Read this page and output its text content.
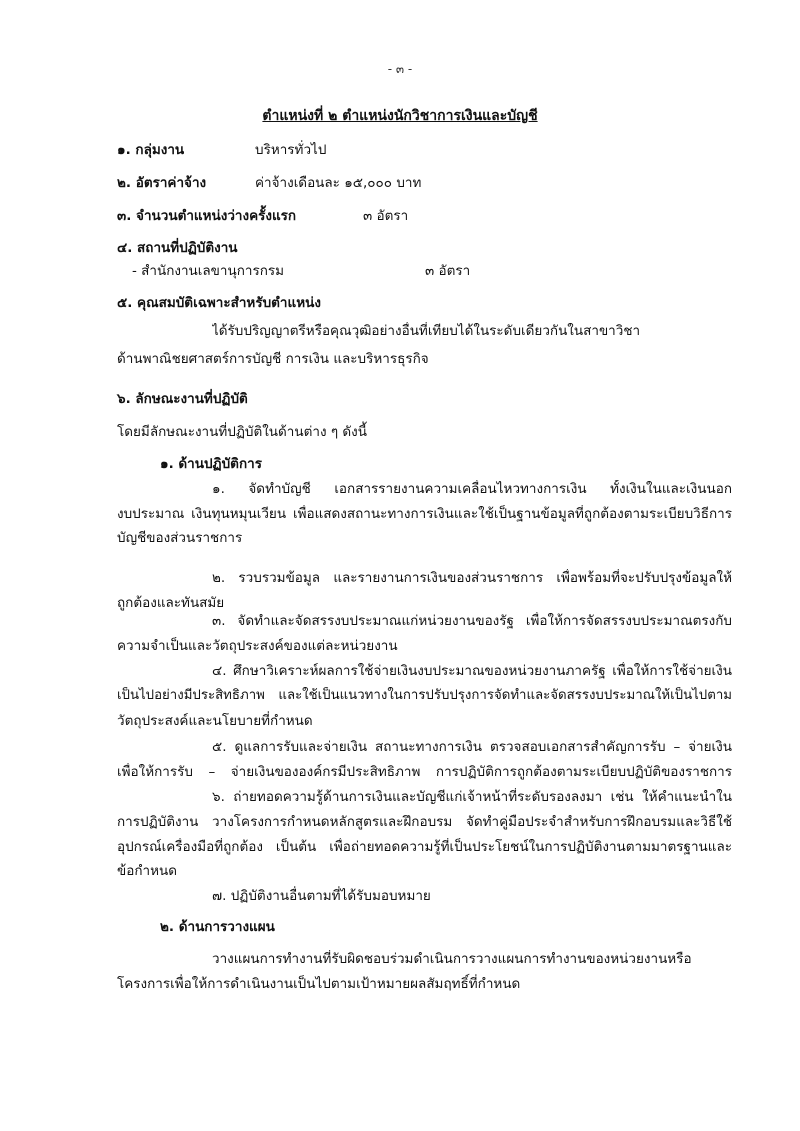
- ๓ -
ตำแหน่งที่ ๒ ตำแหน่งนักวิชาการเงินและบัญชี
๑. กลุ่มงาน	บริหารทั่วไป
๒. อัตราค่าจ้าง	ค่าจ้างเดือนละ ๑๕,๐๐๐ บาท
๓. จำนวนตำแหน่งว่างครั้งแรก	๓ อัตรา
๔. สถานที่ปฏิบัติงาน
- สำนักงานเลขานุการกรม	๓ อัตรา
๕. คุณสมบัติเฉพาะสำหรับตำแหน่ง
ได้รับปริญญาตรีหรือคุณวุฒิอย่างอื่นที่เทียบได้ในระดับเดียวกันในสาขาวิชา
ด้านพาณิชยศาสตร์การบัญชี การเงิน และบริหารธุรกิจ
๖. ลักษณะงานที่ปฏิบัติ
โดยมีลักษณะงานที่ปฏิบัติในด้านต่าง ๆ ดังนี้
๑. ด้านปฏิบัติการ
๑. จัดทำบัญชี เอกสารรายงานความเคลื่อนไหวทางการเงิน ทั้งเงินในและเงินนอก
งบประมาณ เงินทุนหมุนเวียน เพื่อแสดงสถานะทางการเงินและใช้เป็นฐานข้อมูลที่ถูกต้องตามระเบียบวิธีการ
บัญชีของส่วนราชการ
๒. รวบรวมข้อมูล และรายงานการเงินของส่วนราชการ เพื่อพร้อมที่จะปรับปรุงข้อมูลให้
ถูกต้องและทันสมัย
๓. จัดทำและจัดสรรงบประมาณแก่หน่วยงานของรัฐ เพื่อให้การจัดสรรงบประมาณตรงกับ
ความจำเป็นและวัตถุประสงค์ของแต่ละหน่วยงาน
๔. ศึกษาวิเคราะห์ผลการใช้จ่ายเงินงบประมาณของหน่วยงานภาครัฐ เพื่อให้การใช้จ่ายเงิน
เป็นไปอย่างมีประสิทธิภาพ และใช้เป็นแนวทางในการปรับปรุงการจัดทำและจัดสรรงบประมาณให้เป็นไปตาม
วัตถุประสงค์และนโยบายที่กำหนด
๕. ดูแลการรับและจ่ายเงิน สถานะทางการเงิน ตรวจสอบเอกสารสำคัญการรับ – จ่ายเงิน
เพื่อให้การรับ – จ่ายเงินขององค์กรมีประสิทธิภาพ การปฏิบัติการถูกต้องตามระเบียบปฏิบัติของราชการ
๖. ถ่ายทอดความรู้ด้านการเงินและบัญชีแก่เจ้าหน้าที่ระดับรองลงมา เช่น ให้คำแนะนำใน
การปฏิบัติงาน วางโครงการกำหนดหลักสูตรและฝึกอบรม จัดทำคู่มือประจำสำหรับการฝึกอบรมและวิธีใช้
อุปกรณ์เครื่องมือที่ถูกต้อง เป็นต้น เพื่อถ่ายทอดความรู้ที่เป็นประโยชน์ในการปฏิบัติงานตามมาตรฐานและ
ข้อกำหนด
๗. ปฏิบัติงานอื่นตามที่ได้รับมอบหมาย
๒. ด้านการวางแผน
วางแผนการทำงานที่รับผิดชอบร่วมดำเนินการวางแผนการทำงานของหน่วยงานหรือ
โครงการเพื่อให้การดำเนินงานเป็นไปตามเป้าหมายผลสัมฤทธิ์ที่กำหนด
